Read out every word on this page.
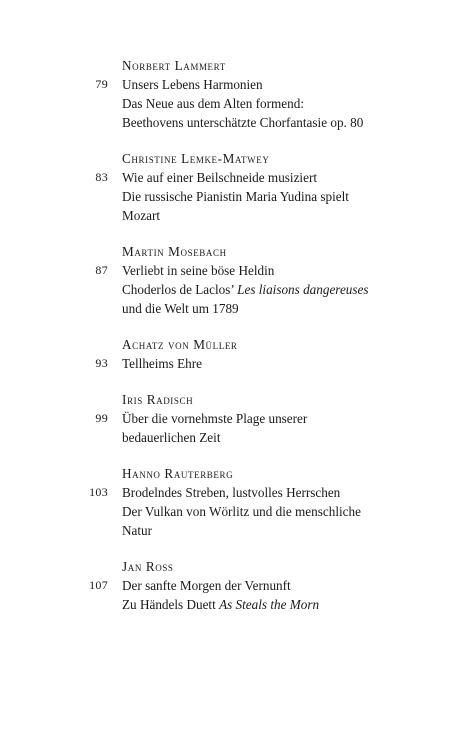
Norbert Lammert
79 Unsers Lebens Harmonien
Das Neue aus dem Alten formend:
Beethovens unterschätzte Chorfantasie op. 80
Christine Lemke-Matwey
83 Wie auf einer Beilschneide musiziert
Die russische Pianistin Maria Yudina spielt
Mozart
Martin Mosebach
87 Verliebt in seine böse Heldin
Choderlos de Laclos’ Les liaisons dangereuses
und die Welt um 1789
Achatz von Müller
93 Tellheims Ehre
Iris Radisch
99 Über die vornehmste Plage unserer
bedauerlichen Zeit
Hanno Rauterberg
103 Brodelndes Streben, lustvolles Herrschen
Der Vulkan von Wörlitz und die menschliche
Natur
Jan Ross
107 Der sanfte Morgen der Vernunft
Zu Händels Duett As Steals the Morn
